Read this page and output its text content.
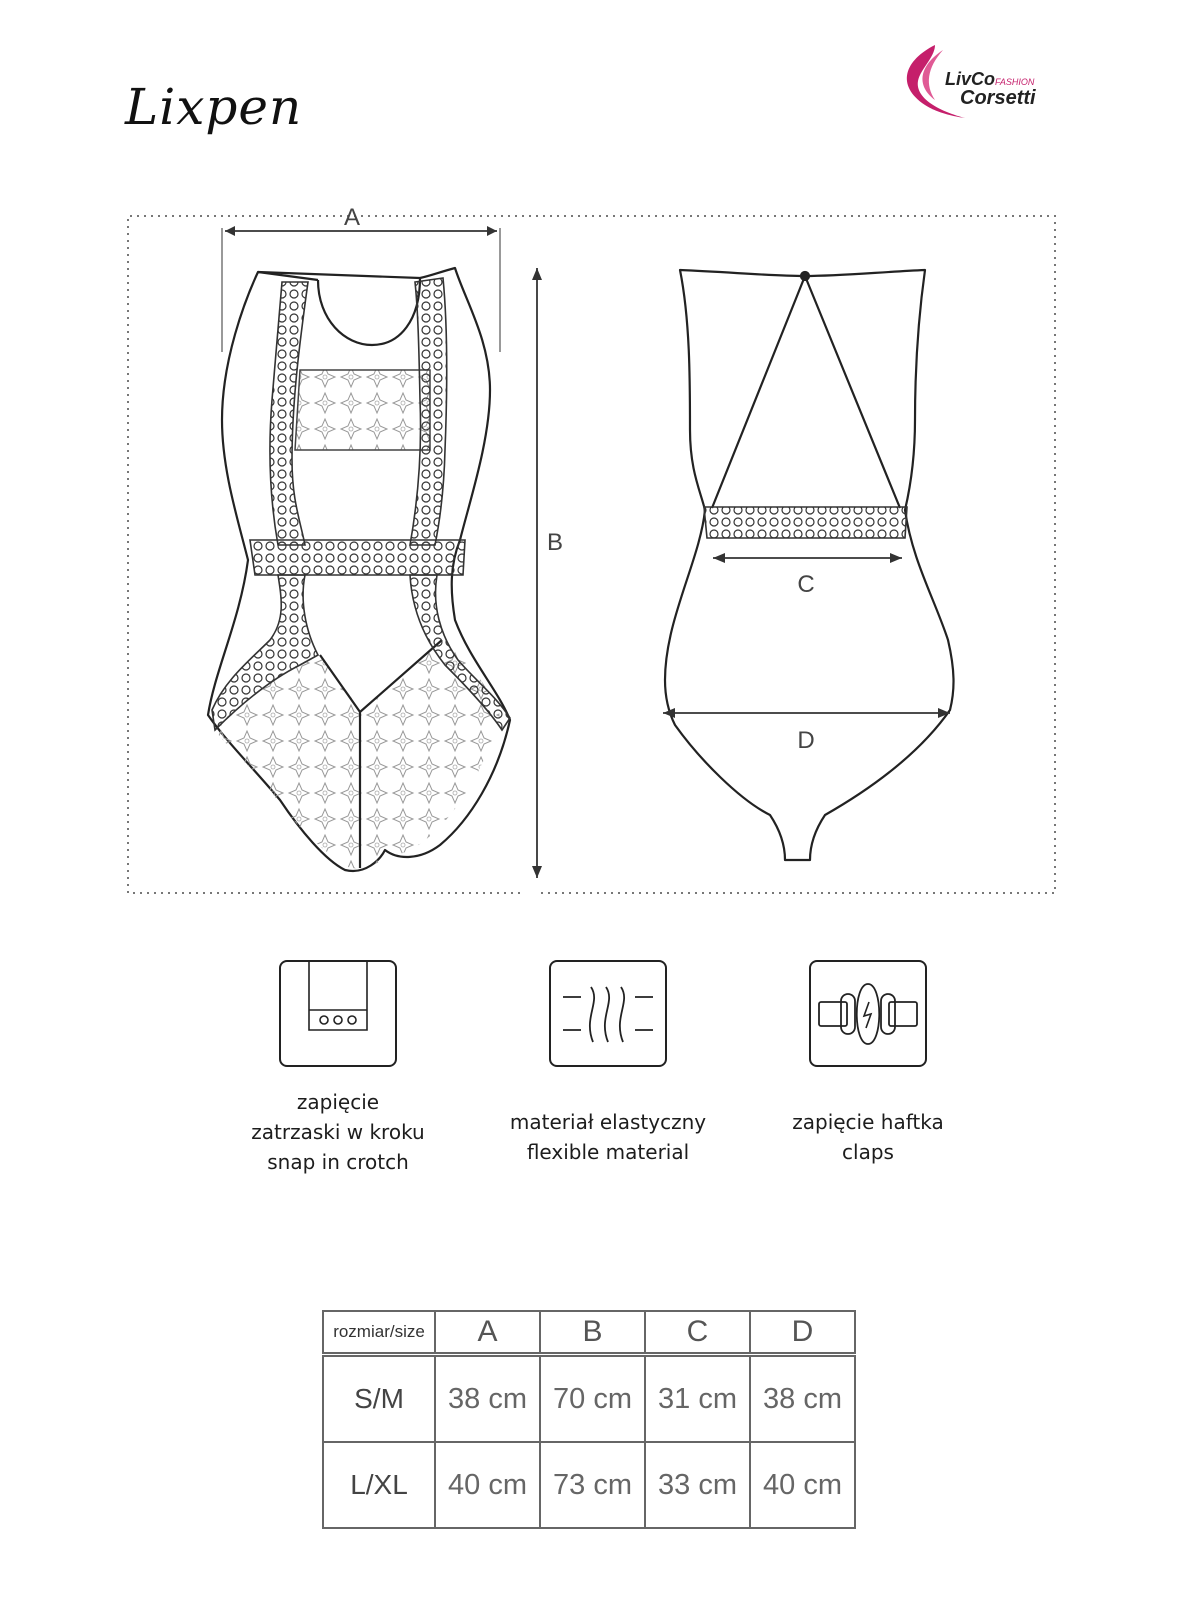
Lixpen	LivCoFASHION

Corsetti

A
B
C
D
zapięcie
zatrzaski w kroku
snap in crotch
materiał elastyczny
flexible material
zapięcie haftka
claps
rozmiar/size	A	B	C	D
S/M	38 cm	70 cm	31 cm	38 cm
L/XL	40 cm	73 cm	33 cm	40 cm
